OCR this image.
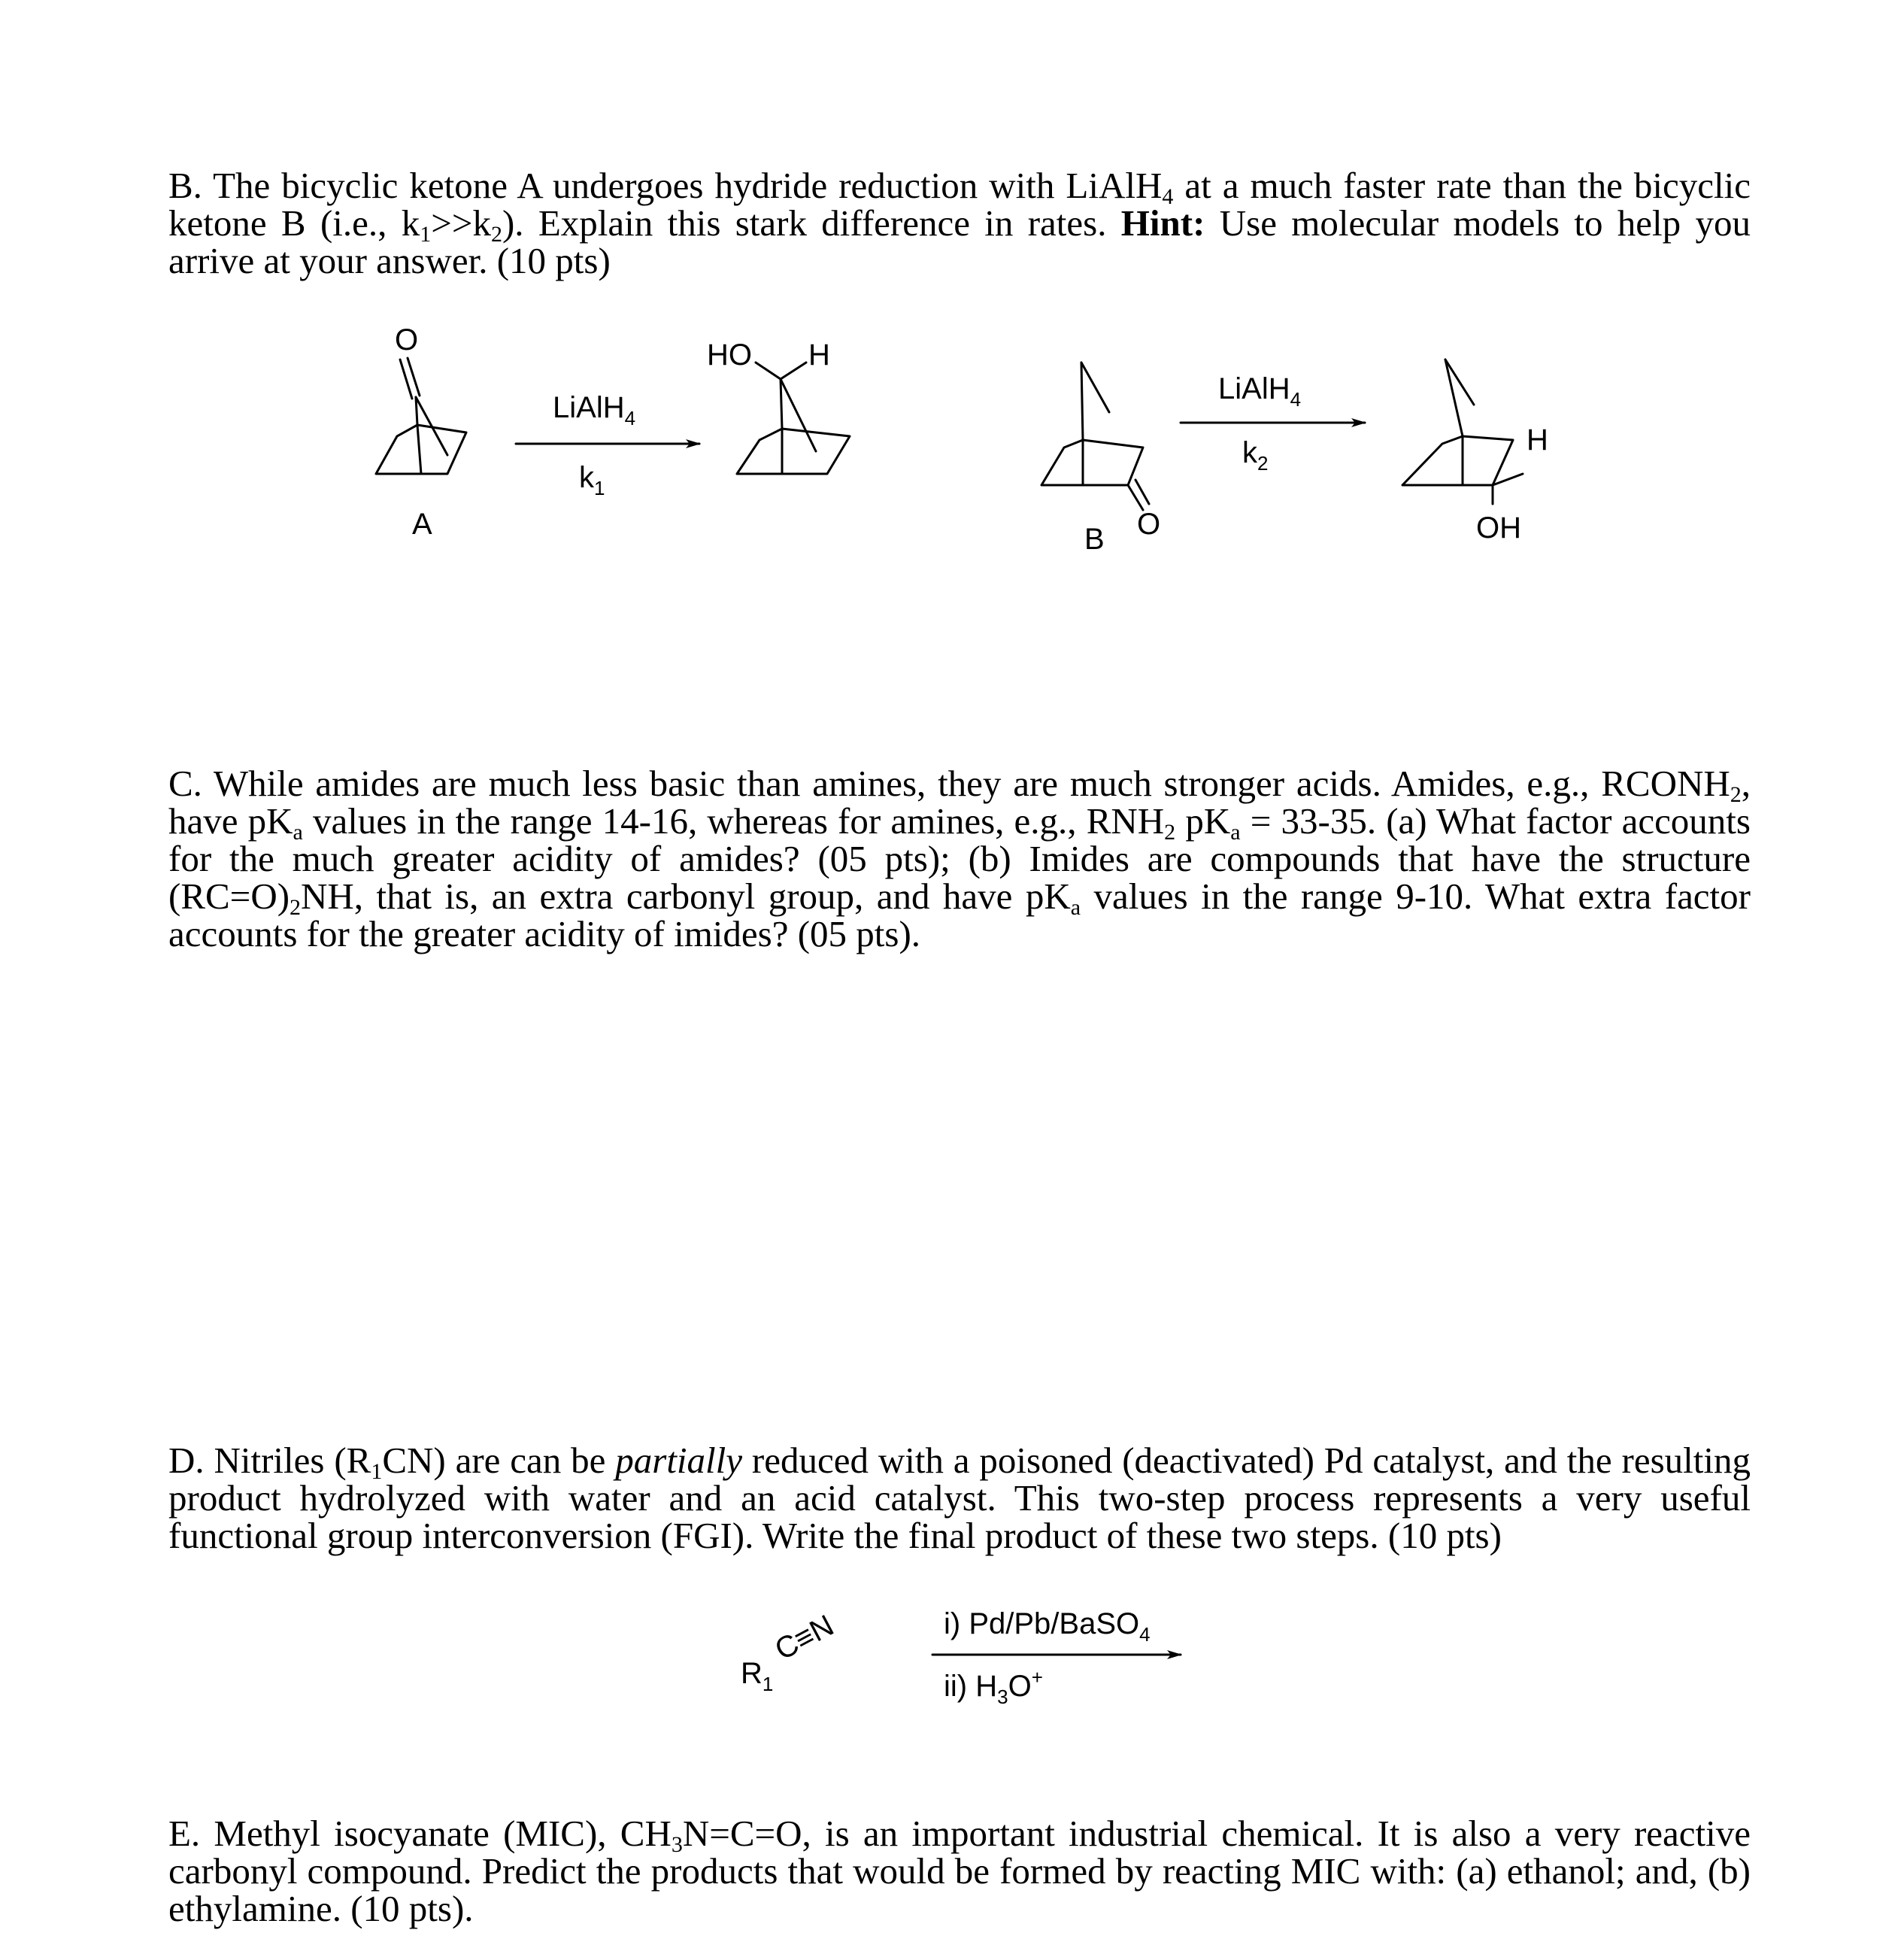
B. The bicyclic ketone A undergoes hydride reduction with LiAlH$_4$ at a much faster rate than the bicyclic ketone B (i.e., $k_1>>k_2$). Explain this stark difference in rates. Hint: Use molecular models to help you arrive at your answer. (10 pts)
O
A
LiAlH$_4$
$k_1$
HO H
O
B
LiAlH$_4$
$k_2$
H
OH
C. While amides are much less basic than amines, they are much stronger acids. Amides, e.g., $RCONH_2$, have $pK_a$ values in the range 14-16, whereas for amines, e.g., $RNH_2$ $pK_a = 33-35$. (a) What factor accounts for the much greater acidity of amides? (05 pts); (b) Imides are compounds that have the structure $(RC=O)_2NH$, that is, an extra carbonyl group, and have $pK_a$ values in the range 9-10. What extra factor accounts for the greater acidity of imides? (05 pts).
D. Nitriles $(R_1CN)$ are can be partially reduced with a poisoned (deactivated) Pd catalyst, and the resulting product hydrolyzed with water and an acid catalyst. This two-step process represents a very useful functional group interconversion (FGI). Write the final product of these two steps. (10 pts)
$R_1$
C≡N	i) Pd/Pb/BaSO$_4$
ii) $H_3O^+$
E. Methyl isocyanate (MIC), $CH_3N=C=O$, is an important industrial chemical. It is also a very reactive carbonyl compound. Predict the products that would be formed by reacting MIC with: (a) ethanol; and, (b) ethylamine. (10 pts).
